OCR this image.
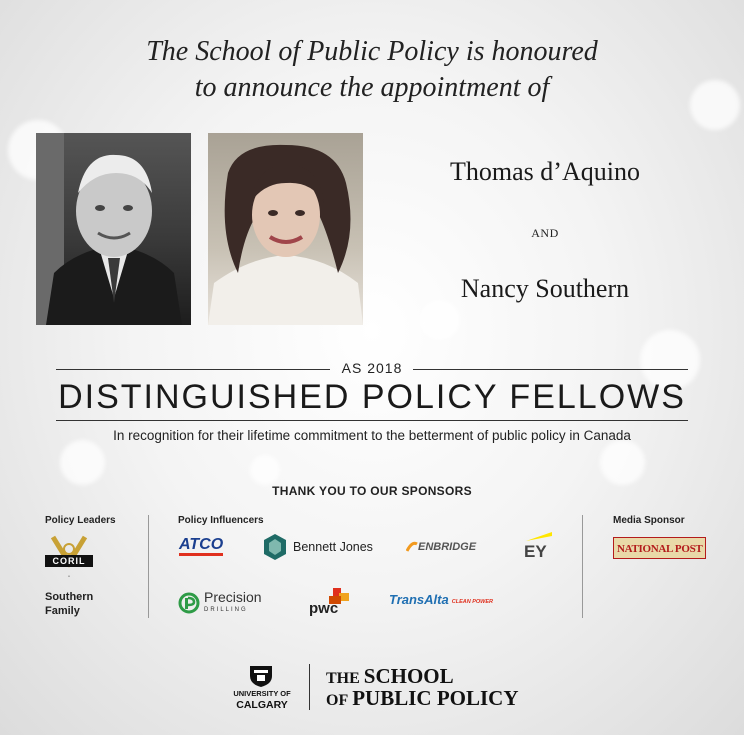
The School of Public Policy is honoured
to announce the appointment of
Thomas d’Aquino
AND
Nancy Southern
AS 2018
DISTINGUISHED POLICY FELLOWS
In recognition for their lifetime commitment to the betterment of public policy in Canada
THANK YOU TO OUR SPONSORS
Policy Leaders	Policy Influencers	Media Sponsor
•
CORIL
Southern
Family
ATCO	Bennett Jones	ENBRIDGE	EY	NATIONAL POST
Precision
DRILLING	pwc
TransAlta CLEAN POWER
UNIVERSITY OF
CALGARY
THE SCHOOL
OF PUBLIC POLICY
